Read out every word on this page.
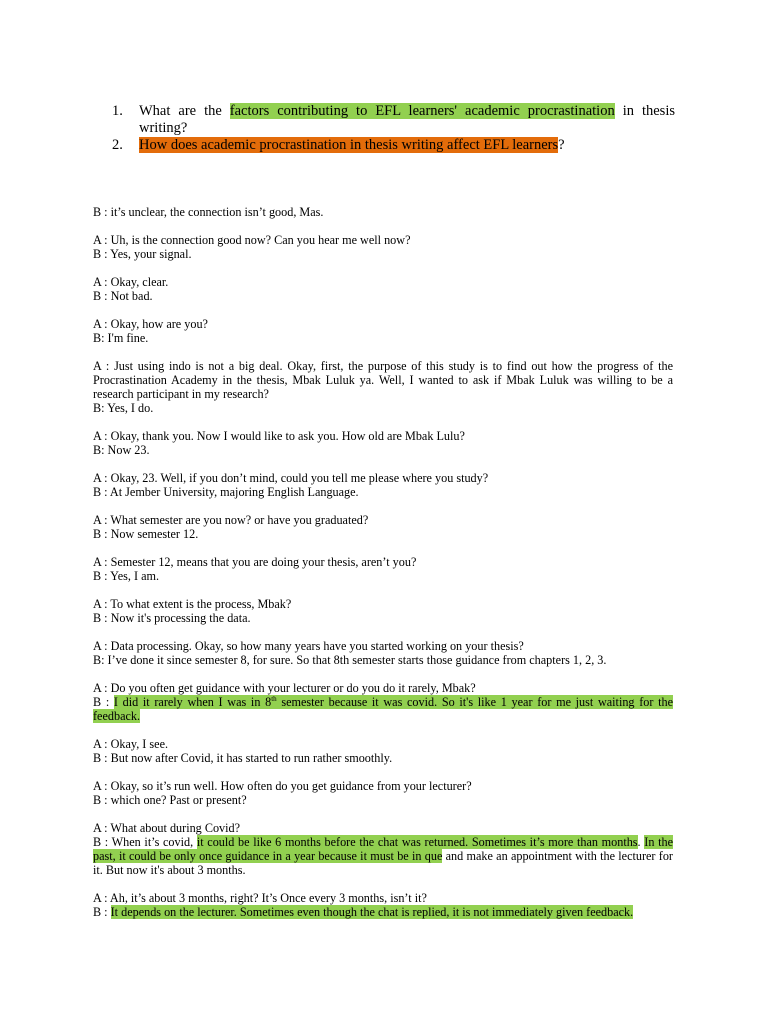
1. What are the factors contributing to EFL learners' academic procrastination in thesis writing?
2. How does academic procrastination in thesis writing affect EFL learners?
B : it’s unclear, the connection isn’t good, Mas.
A : Uh, is the connection good now? Can you hear me well now?
B : Yes, your signal.
A : Okay, clear.
B : Not bad.
A : Okay, how are you?
B: I'm fine.
A : Just using indo is not a big deal. Okay, first, the purpose of this study is to find out how the progress of the Procrastination Academy in the thesis, Mbak Luluk ya. Well, I wanted to ask if Mbak Luluk was willing to be a research participant in my research?
B: Yes, I do.
A : Okay, thank you. Now I would like to ask you. How old are Mbak Lulu?
B: Now 23.
A : Okay, 23. Well, if you don’t mind, could you tell me please where you study?
B : At Jember University, majoring English Language.
A : What semester are you now? or have you graduated?
B : Now semester 12.
A : Semester 12, means that you are doing your thesis, aren’t you?
B : Yes, I am.
A : To what extent is the process, Mbak?
B : Now it's processing the data.
A : Data processing. Okay, so how many years have you started working on your thesis?
B: I’ve done it since semester 8, for sure. So that 8th semester starts those guidance from chapters 1, 2, 3.
A : Do you often get guidance with your lecturer or do you do it rarely, Mbak?
B : I did it rarely when I was in 8th semester because it was covid. So it's like 1 year for me just waiting for the feedback.
A : Okay, I see.
B : But now after Covid, it has started to run rather smoothly.
A : Okay, so it’s run well. How often do you get guidance from your lecturer?
B : which one? Past or present?
A : What about during Covid?
B : When it’s covid, it could be like 6 months before the chat was returned. Sometimes it’s more than months. In the past, it could be only once guidance in a year because it must be in que and make an appointment with the lecturer for it. But now it's about 3 months.
A : Ah, it’s about 3 months, right? It’s Once every 3 months, isn’t it?
B : It depends on the lecturer. Sometimes even though the chat is replied, it is not immediately given feedback.
